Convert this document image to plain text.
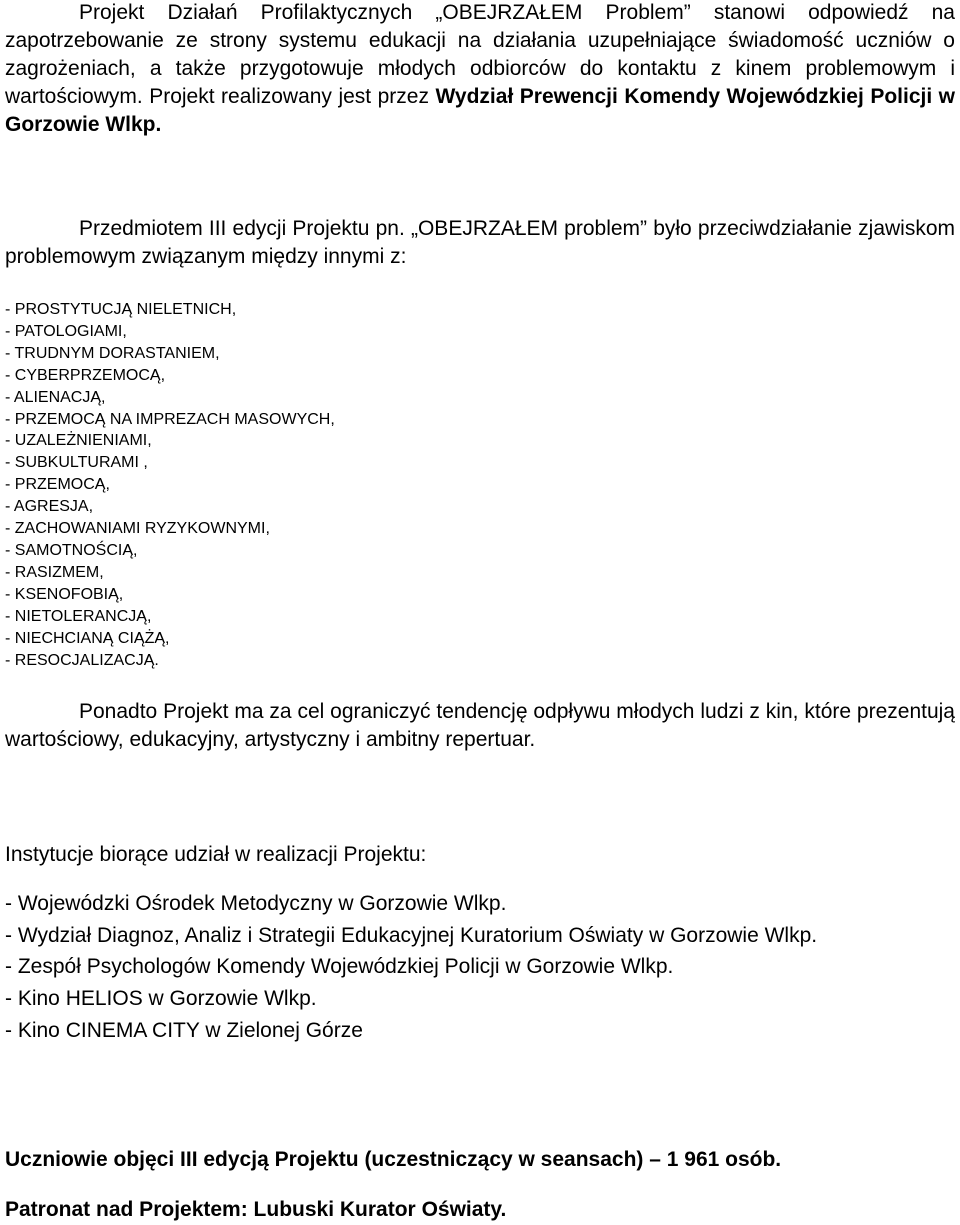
Projekt Działań Profilaktycznych „OBEJRZAŁEM Problem” stanowi odpowiedź na zapotrzebowanie ze strony systemu edukacji na działania uzupełniające świadomość uczniów o zagrożeniach, a także przygotowuje młodych odbiorców do kontaktu z kinem problemowym i wartościowym. Projekt realizowany jest przez Wydział Prewencji Komendy Wojewódzkiej Policji w Gorzowie Wlkp.

Przedmiotem III edycji Projektu pn. „OBEJRZAŁEM problem” było przeciwdziałanie zjawiskom problemowym związanym między innymi z:

- PROSTYTUCJĄ NIELETNICH,
- PATOLOGIAMI,
- TRUDNYM DORASTANIEM,
- CYBERPRZEMOCĄ,
- ALIENACJĄ,
- PRZEMOCĄ NA IMPREZACH MASOWYCH,
- UZALEŻNIENIAMI,
- SUBKULTURAMI ,
- PRZEMOCĄ,
- AGRESJA,
- ZACHOWANIAMI RYZYKOWNYMI,
- SAMOTNOŚCIĄ,
- RASIZMEM,
- KSENOFOBIĄ,
- NIETOLERANCJĄ,
- NIECHCIANĄ CIĄŻĄ,
- RESOCJALIZACJĄ.

Ponadto Projekt ma za cel ograniczyć tendencję odpływu młodych ludzi z kin, które prezentują wartościowy, edukacyjny, artystyczny i ambitny repertuar.

Instytucje biorące udział w realizacji Projektu:

- Wojewódzki Ośrodek Metodyczny w Gorzowie Wlkp.
- Wydział Diagnoz, Analiz i Strategii Edukacyjnej Kuratorium Oświaty w Gorzowie Wlkp.
- Zespół Psychologów Komendy Wojewódzkiej Policji w Gorzowie Wlkp.
- Kino HELIOS w Gorzowie Wlkp.
- Kino CINEMA CITY w Zielonej Górze

Uczniowie objęci III edycją Projektu (uczestniczący w seansach) – 1 961 osób.

Patronat nad Projektem: Lubuski Kurator Oświaty.
